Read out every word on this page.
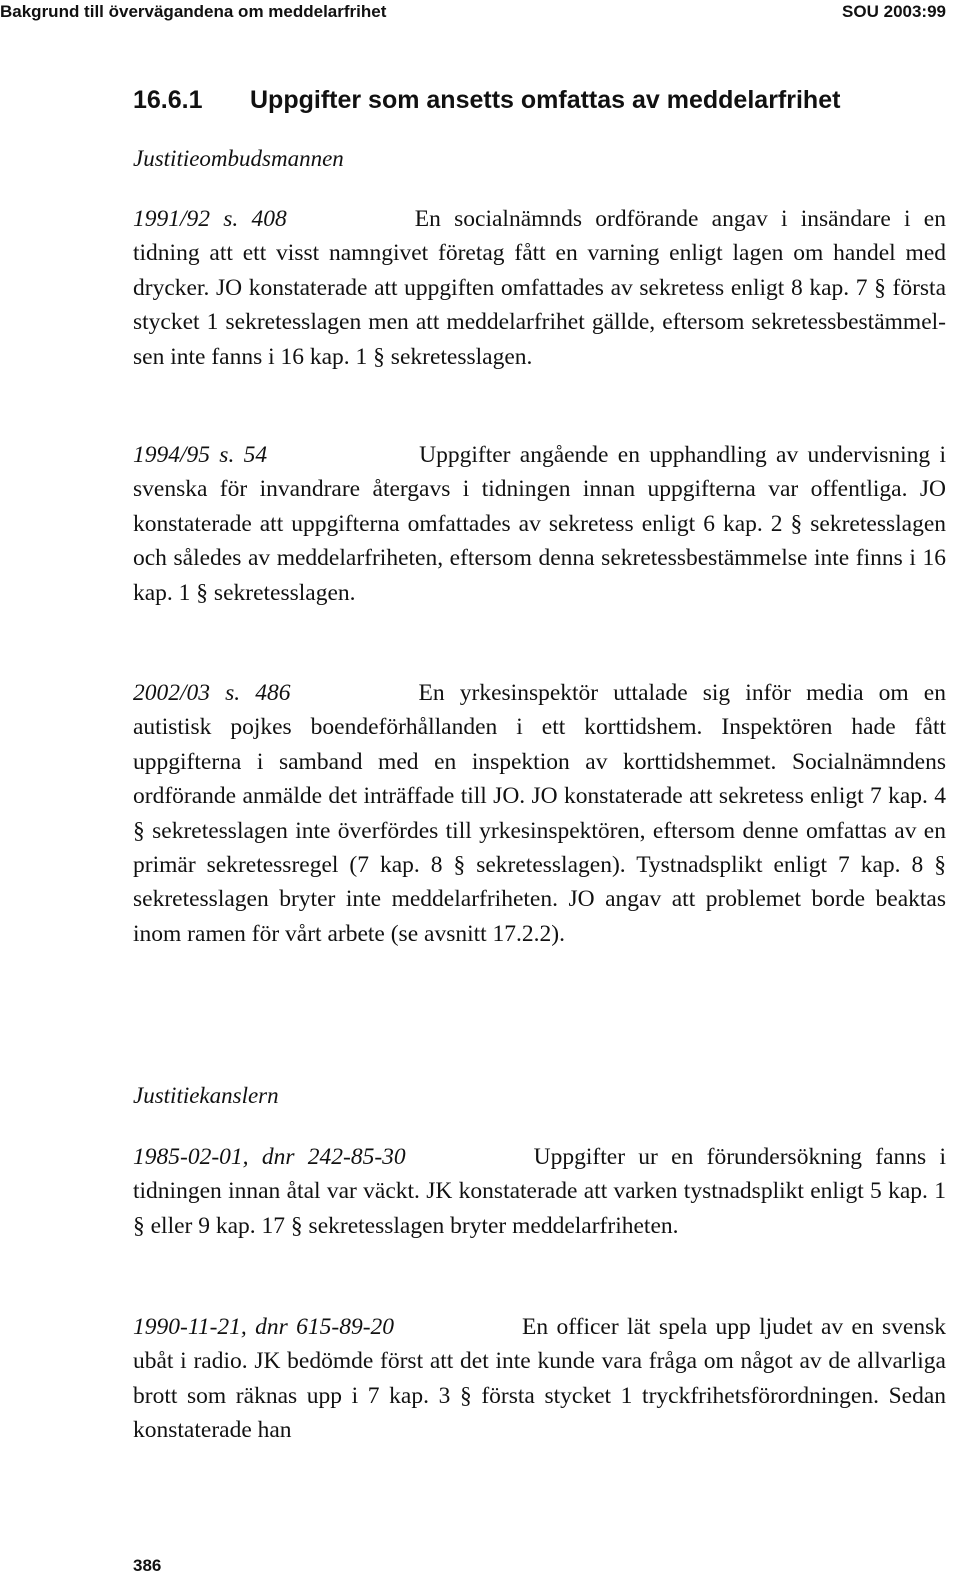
Bakgrund till övervägandena om meddelarfrihet	SOU 2003:99
16.6.1 Uppgifter som ansetts omfattas av meddelarfrihet
Justitieombudsmannen
1991/92 s. 408	En socialnämnds ordförande angav i insändare i en tidning att ett visst namngivet företag fått en varning enligt lagen om handel med drycker. JO konstaterade att uppgiften omfattades av sekretess enligt 8 kap. 7 § första stycket 1 sekretesslagen men att meddelarfrihet gällde, eftersom sekretessbestämmelsen inte fanns i 16 kap. 1 § sekretesslagen.
1994/95 s. 54	Uppgifter angående en upphandling av undervisning i svenska för invandrare återgavs i tidningen innan uppgifterna var offentliga. JO konstaterade att uppgifterna omfattades av sekretess enligt 6 kap. 2 § sekretesslagen och således av meddelarfriheten, eftersom denna sekretessbestämmelse inte finns i 16 kap. 1 § sekretesslagen.
2002/03 s. 486	En yrkesinspektör uttalade sig inför media om en autistisk pojkes boendeförhållanden i ett korttidshem. Inspektören hade fått uppgifterna i samband med en inspektion av korttidshemmet. Socialnämndens ordförande anmälde det inträffade till JO. JO konstaterade att sekretess enligt 7 kap. 4 § sekretesslagen inte överfördes till yrkesinspektören, eftersom denne omfattas av en primär sekretessregel (7 kap. 8 § sekretesslagen). Tystnadsplikt enligt 7 kap. 8 § sekretesslagen bryter inte meddelarfriheten. JO angav att problemet borde beaktas inom ramen för vårt arbete (se avsnitt 17.2.2).
Justitiekanslern
1985-02-01, dnr 242-85-30	Uppgifter ur en förundersökning fanns i tidningen innan åtal var väckt. JK konstaterade att varken tystnadsplikt enligt 5 kap. 1 § eller 9 kap. 17 § sekretesslagen bryter meddelarfriheten.
1990-11-21, dnr 615-89-20	En officer lät spela upp ljudet av en svensk ubåt i radio. JK bedömde först att det inte kunde vara fråga om något av de allvarliga brott som räknas upp i 7 kap. 3 § första stycket 1 tryckfrihetsförordningen. Sedan konstaterade han
386
